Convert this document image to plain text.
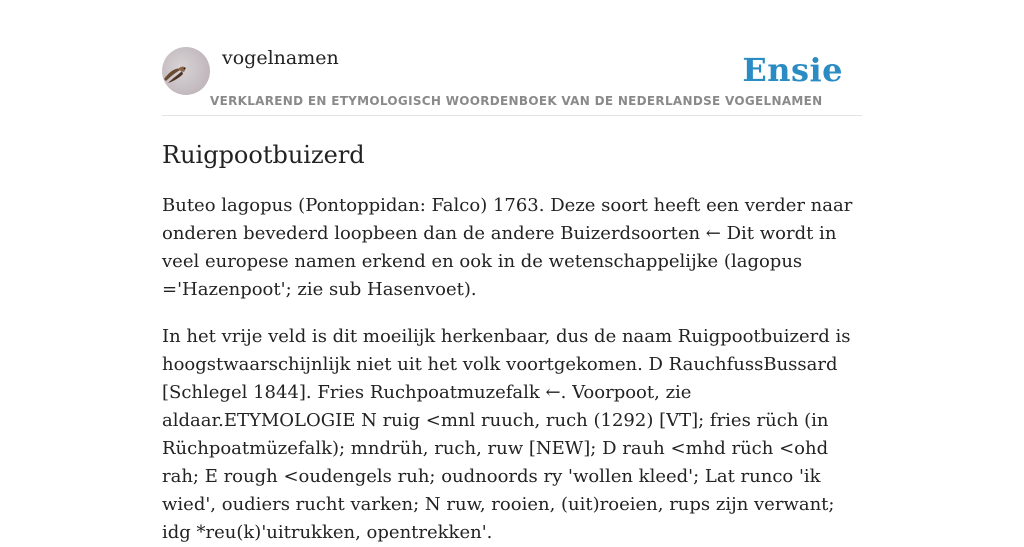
vogelnamen	Ensie
VERKLAREND EN ETYMOLOGISCH WOORDENBOEK VAN DE NEDERLANDSE VOGELNAMEN
Ruigpootbuizerd

Buteo lagopus (Pontoppidan: Falco) 1763. Deze soort heeft een verder naar onderen bevederd loopbeen dan de andere Buizerdsoorten ← Dit wordt in veel europese namen erkend en ook in de wetenschappelijke (lagopus ='Hazenpoot'; zie sub Hasenvoet).

In het vrije veld is dit moeilijk herkenbaar, dus de naam Ruigpootbuizerd is hoogstwaarschijnlijk niet uit het volk voortgekomen. D RauchfussBussard [Schlegel 1844]. Fries Ruchpoatmuzefalk ←. Voorpoot, zie aldaar.ETYMOLOGIE N ruig <mnl ruuch, ruch (1292) [VT]; fries rüch (in Rüchpoatmüzefalk); mndrüh, ruch, ruw [NEW]; D rauh <mhd rüch <ohd rah; E rough <oudengels ruh; oudnoords ry 'wollen kleed'; Lat runco 'ik wied', oudiers rucht varken; N ruw, rooien, (uit)roeien, rups zijn verwant; idg *reu(k)'uitrukken, opentrekken'.
